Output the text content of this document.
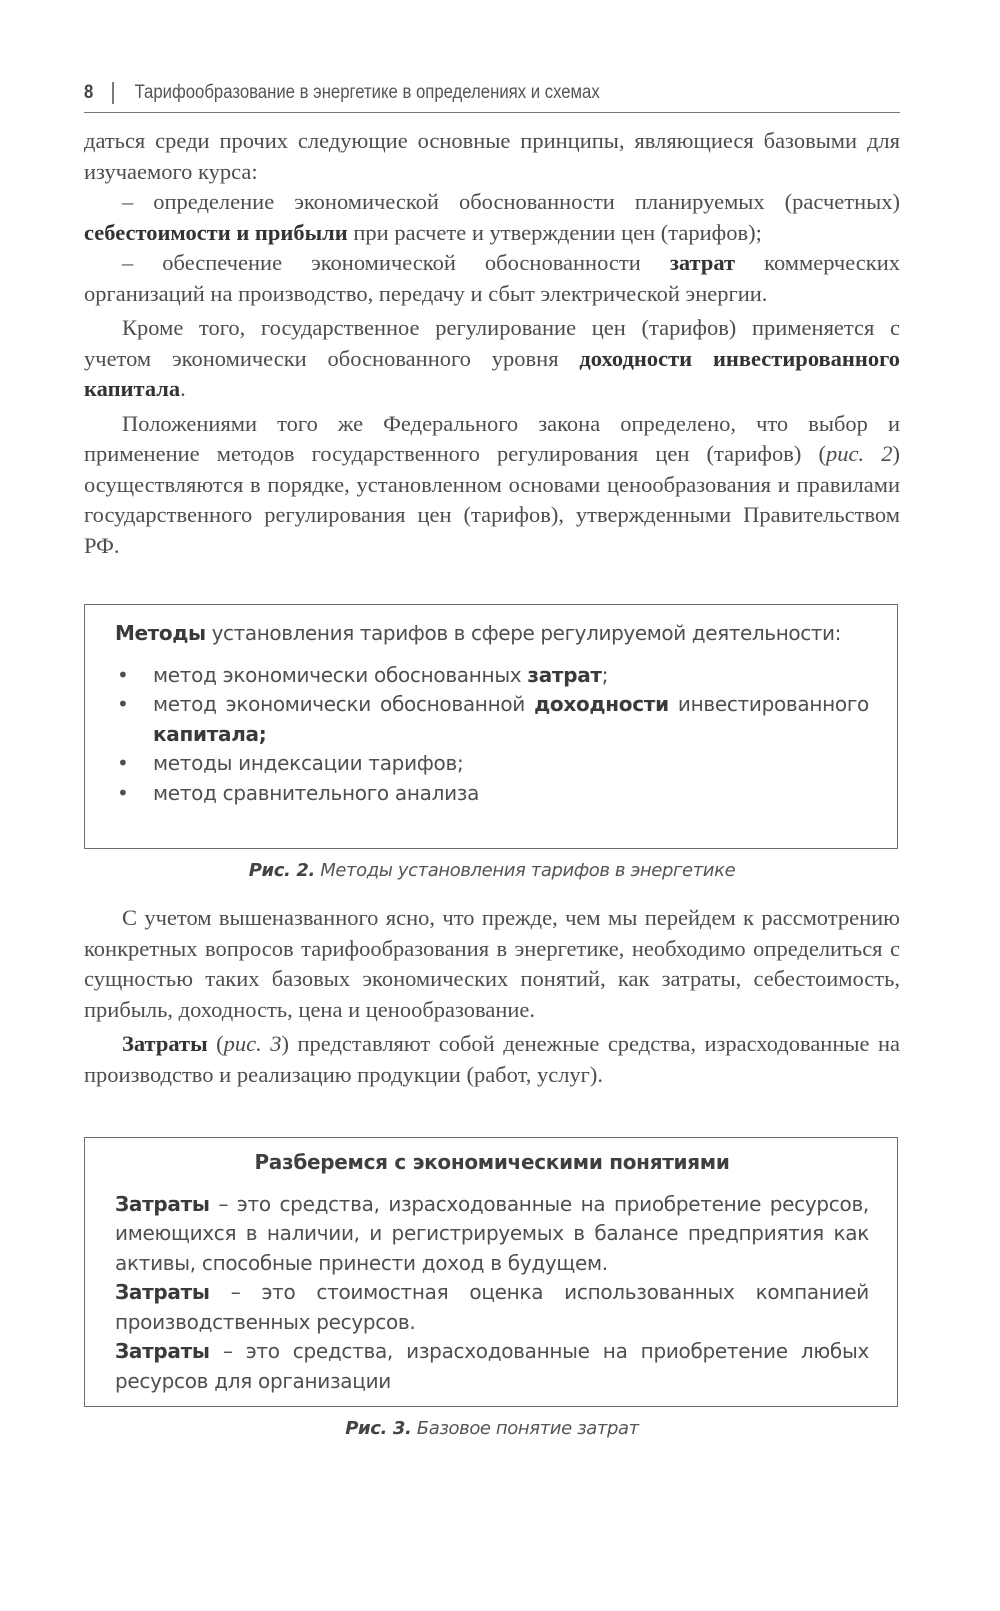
8	Тарифообразование в энергетике в определениях и схемах

даться среди прочих следующие основные принципы, являющиеся базовыми для изучаемого курса:

– определение экономической обоснованности планируемых (расчетных) себестоимости и прибыли при расчете и утверждении цен (тарифов);

– обеспечение экономической обоснованности затрат коммерческих организаций на производство, передачу и сбыт электрической энергии.

Кроме того, государственное регулирование цен (тарифов) применяется с учетом экономически обоснованного уровня доходности инвестированного капитала.

Положениями того же Федерального закона определено, что выбор и применение методов государственного регулирования цен (тарифов) (рис. 2) осуществляются в порядке, установленном основами ценообразования и правилами государственного регулирования цен (тарифов), утвержденными Правительством РФ.

Методы установления тарифов в сфере регулируемой деятельности:
• метод экономически обоснованных затрат;
• метод экономически обоснованной доходности инвестированного капитала;
• методы индексации тарифов;
• метод сравнительного анализа
Рис. 2. Методы установления тарифов в энергетике

С учетом вышеназванного ясно, что прежде, чем мы перейдем к рассмотрению конкретных вопросов тарифообразования в энергетике, необходимо определиться с сущностью таких базовых экономических понятий, как затраты, себестоимость, прибыль, доходность, цена и ценообразование.

Затраты (рис. 3) представляют собой денежные средства, израсходованные на производство и реализацию продукции (работ, услуг).

Разберемся с экономическими понятиями
Затраты – это средства, израсходованные на приобретение ресурсов, имеющихся в наличии, и регистрируемых в балансе предприятия как активы, способные принести доход в будущем.
Затраты – это стоимостная оценка использованных компанией производственных ресурсов.
Затраты – это средства, израсходованные на приобретение любых ресурсов для организации
Рис. 3. Базовое понятие затрат
